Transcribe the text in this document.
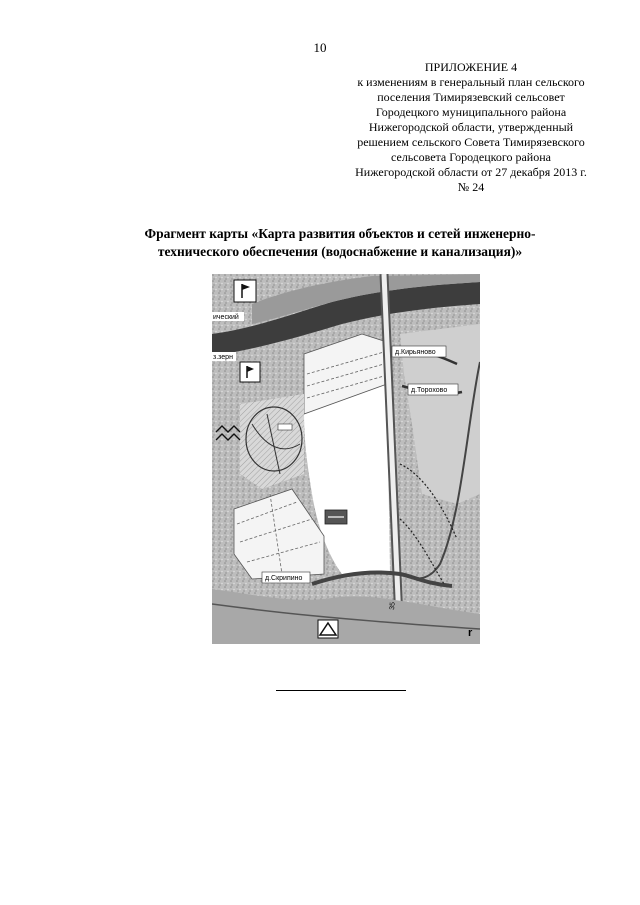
10
ПРИЛОЖЕНИЕ 4
к изменениям в генеральный план сельского
поселения Тимирязевский сельсовет
Городецкого муниципального района
Нижегородской области, утвержденный
решением сельского Совета Тимирязевского
сельсовета Городецкого района
Нижегородской области от 27 декабря 2013 г.
№ 24
Фрагмент карты «Карта развития объектов и сетей инженерно-
технического обеспечения (водоснабжение и канализация)»
д.Кирьяново
д.Торохово
д.Скрипино
35
ический
з.зерн
r
